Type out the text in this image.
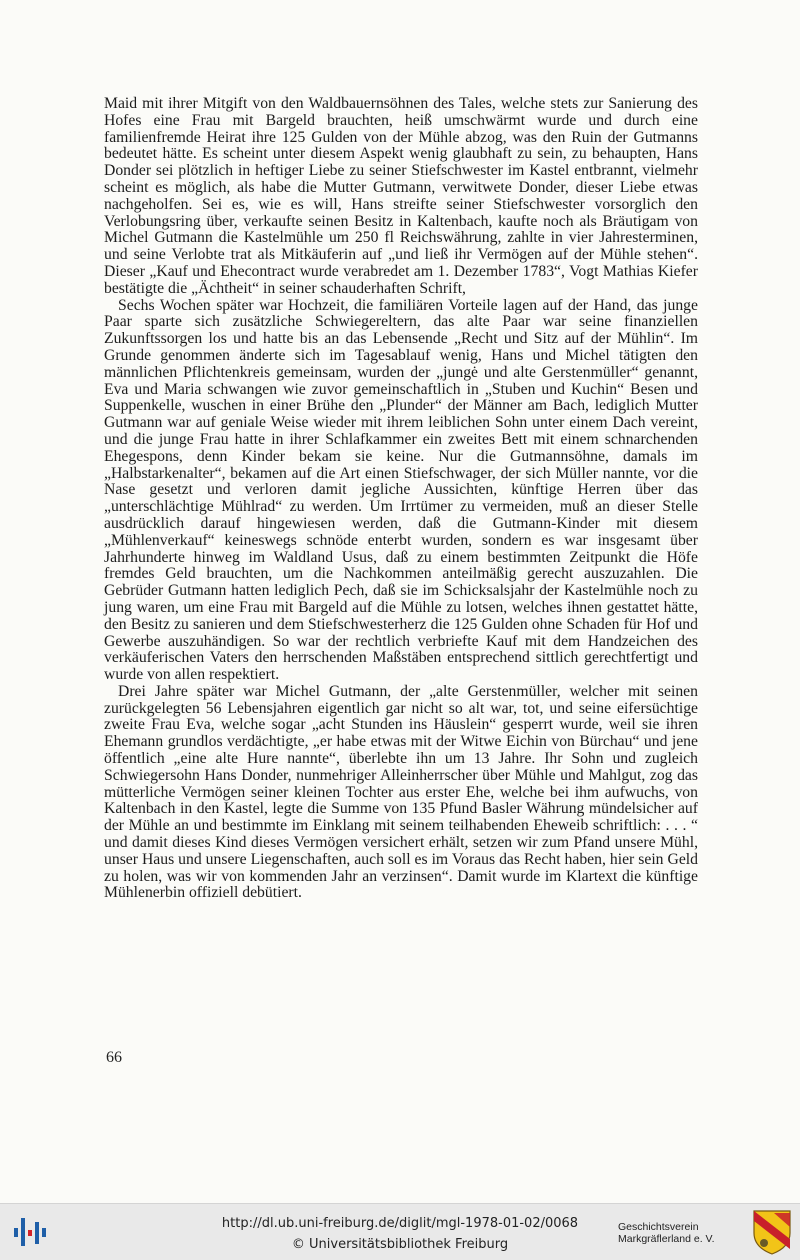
Maid mit ihrer Mitgift von den Waldbauernsöhnen des Tales, welche stets zur Sanierung des Hofes eine Frau mit Bargeld brauchten, heiß umschwärmt wurde und durch eine familienfremde Heirat ihre 125 Gulden von der Mühle abzog, was den Ruin der Gutmanns bedeutet hätte. Es scheint unter diesem Aspekt wenig glaubhaft zu sein, zu behaupten, Hans Donder sei plötzlich in heftiger Liebe zu seiner Stiefschwester im Kastel entbrannt, vielmehr scheint es möglich, als habe die Mutter Gutmann, verwitwete Donder, dieser Liebe etwas nachgeholfen. Sei es, wie es will, Hans streifte seiner Stiefschwester vorsorglich den Verlobungsring über, verkaufte seinen Besitz in Kaltenbach, kaufte noch als Bräutigam von Michel Gutmann die Kastelmühle um 250 fl Reichswährung, zahlte in vier Jahresterminen, und seine Verlobte trat als Mitkäuferin auf „und ließ ihr Vermögen auf der Mühle stehen“. Dieser „Kauf und Ehecontract wurde verabredet am 1. Dezember 1783“, Vogt Mathias Kiefer bestätigte die „Ächtheit“ in seiner schauderhaften Schrift,

Sechs Wochen später war Hochzeit, die familiären Vorteile lagen auf der Hand, das junge Paar sparte sich zusätzliche Schwiegereltern, das alte Paar war seine finanziellen Zukunftssorgen los und hatte bis an das Lebensende „Recht und Sitz auf der Mühlin“. Im Grunde genommen änderte sich im Tagesablauf wenig, Hans und Michel tätigten den männlichen Pflichtenkreis gemeinsam, wurden der „jungė und alte Gerstenmüller“ genannt, Eva und Maria schwangen wie zuvor gemeinschaftlich in „Stuben und Kuchin“ Besen und Suppenkelle, wuschen in einer Brühe den „Plunder“ der Männer am Bach, lediglich Mutter Gutmann war auf geniale Weise wieder mit ihrem leiblichen Sohn unter einem Dach vereint, und die junge Frau hatte in ihrer Schlafkammer ein zweites Bett mit einem schnarchenden Ehegespons, denn Kinder bekam sie keine. Nur die Gutmannsöhne, damals im „Halbstarkenalter“, bekamen auf die Art einen Stiefschwager, der sich Müller nannte, vor die Nase gesetzt und verloren damit jegliche Aussichten, künftige Herren über das „unterschlächtige Mühlrad“ zu werden. Um Irrtümer zu vermeiden, muß an dieser Stelle ausdrücklich darauf hingewiesen werden, daß die Gutmann-Kinder mit diesem „Mühlenverkauf“ keineswegs schnöde enterbt wurden, sondern es war insgesamt über Jahrhunderte hinweg im Waldland Usus, daß zu einem bestimmten Zeitpunkt die Höfe fremdes Geld brauchten, um die Nachkommen anteilmäßig gerecht auszuzahlen. Die Gebrüder Gutmann hatten lediglich Pech, daß sie im Schicksalsjahr der Kastelmühle noch zu jung waren, um eine Frau mit Bargeld auf die Mühle zu lotsen, welches ihnen gestattet hätte, den Besitz zu sanieren und dem Stiefschwesterherz die 125 Gulden ohne Schaden für Hof und Gewerbe auszuhändigen. So war der rechtlich verbriefte Kauf mit dem Handzeichen des verkäuferischen Vaters den herrschenden Maßstäben entsprechend sittlich gerechtfertigt und wurde von allen respektiert.

Drei Jahre später war Michel Gutmann, der „alte Gerstenmüller, welcher mit seinen zurückgelegten 56 Lebensjahren eigentlich gar nicht so alt war, tot, und seine eifersüchtige zweite Frau Eva, welche sogar „acht Stunden ins Häuslein“ gesperrt wurde, weil sie ihren Ehemann grundlos verdächtigte, „er habe etwas mit der Witwe Eichin von Bürchau“ und jene öffentlich „eine alte Hure nannte“, überlebte ihn um 13 Jahre. Ihr Sohn und zugleich Schwiegersohn Hans Donder, nunmehriger Alleinherrscher über Mühle und Mahlgut, zog das mütterliche Vermögen seiner kleinen Tochter aus erster Ehe, welche bei ihm aufwuchs, von Kaltenbach in den Kastel, legte die Summe von 135 Pfund Basler Währung mündelsicher auf der Mühle an und bestimmte im Einklang mit seinem teilhabenden Eheweib schriftlich: . . . “ und damit dieses Kind dieses Vermögen versichert erhält, setzen wir zum Pfand unsere Mühl, unser Haus und unsere Liegenschaften, auch soll es im Voraus das Recht haben, hier sein Geld zu holen, was wir von kommenden Jahr an verzinsen“. Damit wurde im Klartext die künftige Mühlenerbin offiziell debütiert.

66
http://dl.ub.uni-freiburg.de/diglit/mgl-1978-01-02/0068
© Universitätsbibliothek Freiburg
Geschichtsverein
Markgräflerland e. V.
